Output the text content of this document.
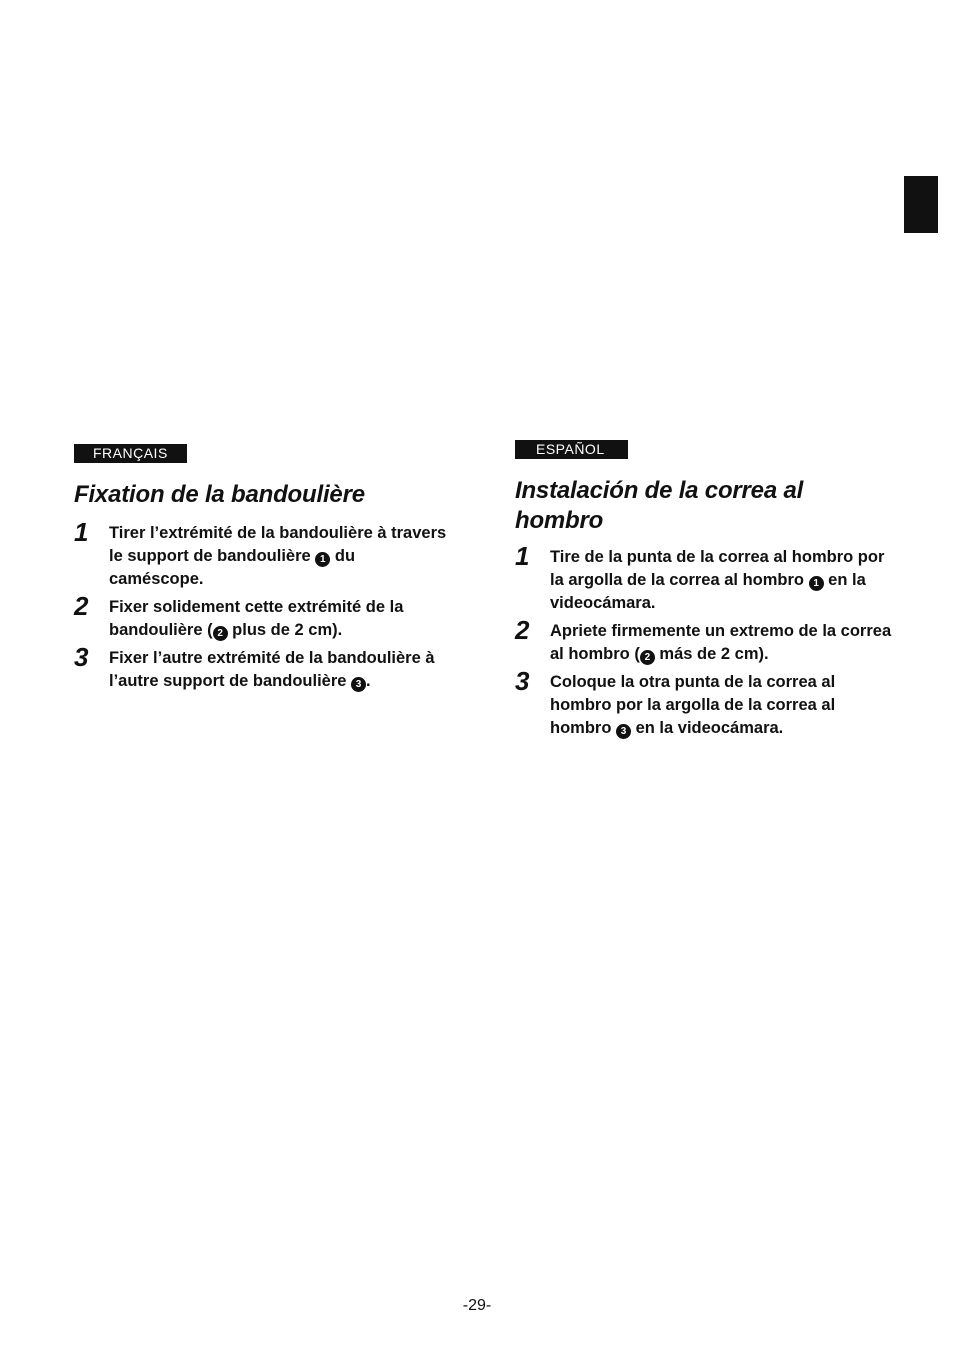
FRANÇAIS
Fixation de la bandoulière
1 Tirer l’extrémité de la bandoulière à travers le support de bandoulière 1 du caméscope.
2 Fixer solidement cette extrémité de la bandoulière ( 2 plus de 2 cm).
3 Fixer l’autre extrémité de la bandoulière à l’autre support de bandoulière 3 .
ESPAÑOL
Instalación de la correa al hombro
1 Tire de la punta de la correa al hombro por la argolla de la correa al hombro 1 en la videocámara.
2 Apriete firmemente un extremo de la correa al hombro ( 2 más de 2 cm).
3 Coloque la otra punta de la correa al hombro por la argolla de la correa al hombro 3 en la videocámara.
-29-
